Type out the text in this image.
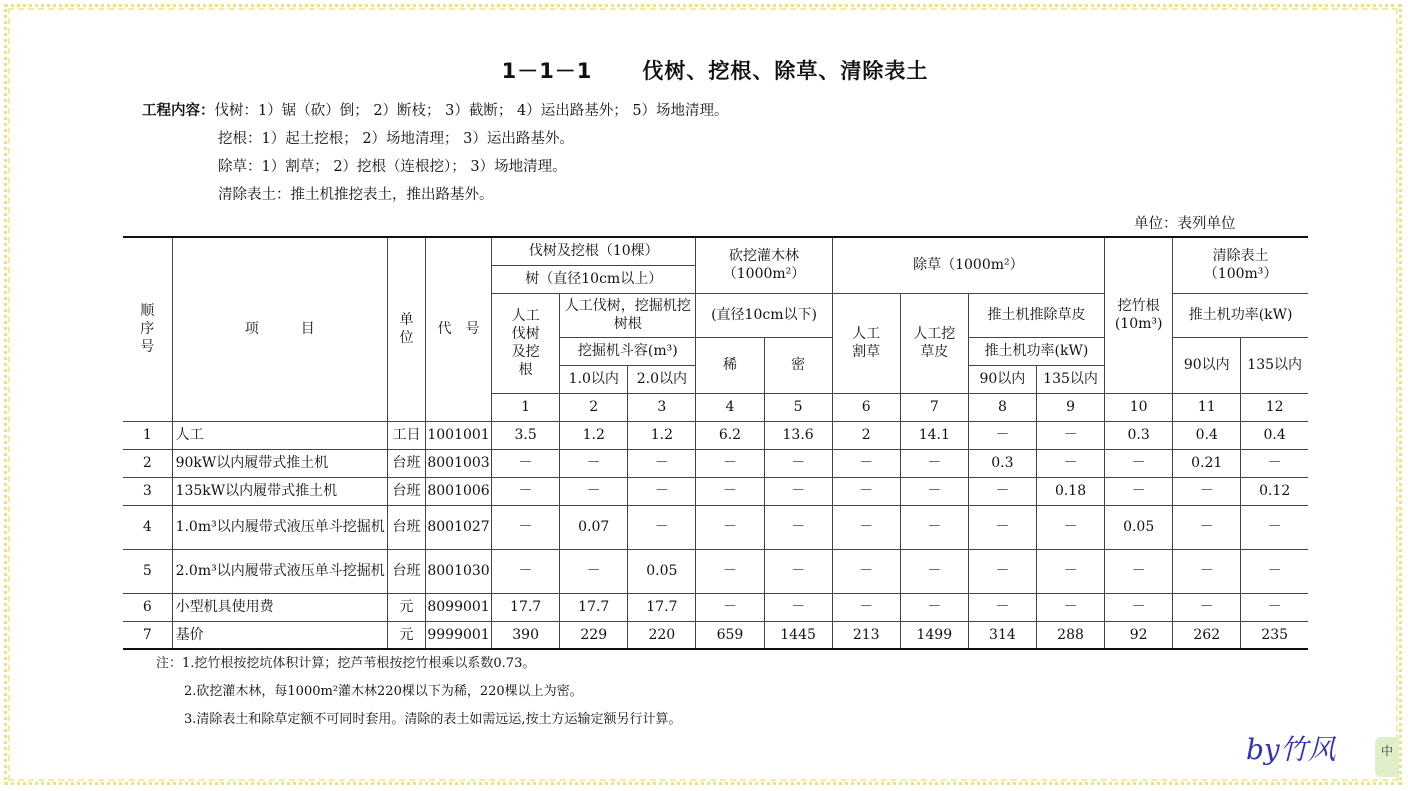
1－1－1 伐树、挖根、除草、清除表土
工程内容：伐树：1）锯（砍）倒； 2）断枝； 3）截断； 4）运出路基外； 5）场地清理。
挖根：1）起土挖根； 2）场地清理； 3）运出路基外。
除草：1）割草； 2）挖根（连根挖）； 3）场地清理。
清除表土：推土机推挖表土，推出路基外。
单位：表列单位
顺序号	项　　　目	单位	代　号	伐树及挖根（10棵）			砍挖灌木林（1000m²）		除草（1000m²）				挖竹根(10m³)	清除表土（100m³）	
				树（直径10cm以上）											
				人工伐树及挖根	人工伐树，挖掘机挖树根		(直径10cm以下)		人工割草	人工挖草皮	推土机推除草皮			推土机功率(kW)	
					挖掘机斗容(m³)		稀	密			推土机功率(kW)			90以内	135以内
					1.0以内	2.0以内					90以内	135以内			
				1	2	3	4	5	6	7	8	9	10	11	12
1	人工	工日	1001001	3.5	1.2	1.2	6.2	13.6	2	14.1	－	－	0.3	0.4	0.4
2	90kW以内履带式推土机	台班	8001003	－	－	－	－	－	－	－	0.3	－	－	0.21	－
3	135kW以内履带式推土机	台班	8001006	－	－	－	－	－	－	－	－	0.18	－	－	0.12
4	1.0m³以内履带式液压单斗挖掘机	台班	8001027	－	0.07	－	－	－	－	－	－	－	0.05	－	－
5	2.0m³以内履带式液压单斗挖掘机	台班	8001030	－	－	0.05	－	－	－	－	－	－	－	－	－
6	小型机具使用费	元	8099001	17.7	17.7	17.7	－	－	－	－	－	－	－	－	－
7	基价	元	9999001	390	229	220	659	1445	213	1499	314	288	92	262	235
注：1.挖竹根按挖坑体积计算；挖芦苇根按挖竹根乘以系数0.73。
2.砍挖灌木林，每1000m²灌木林220棵以下为稀，220棵以上为密。
3.清除表土和除草定额不可同时套用。清除的表土如需远运,按土方运输定额另行计算。
by竹风	中
